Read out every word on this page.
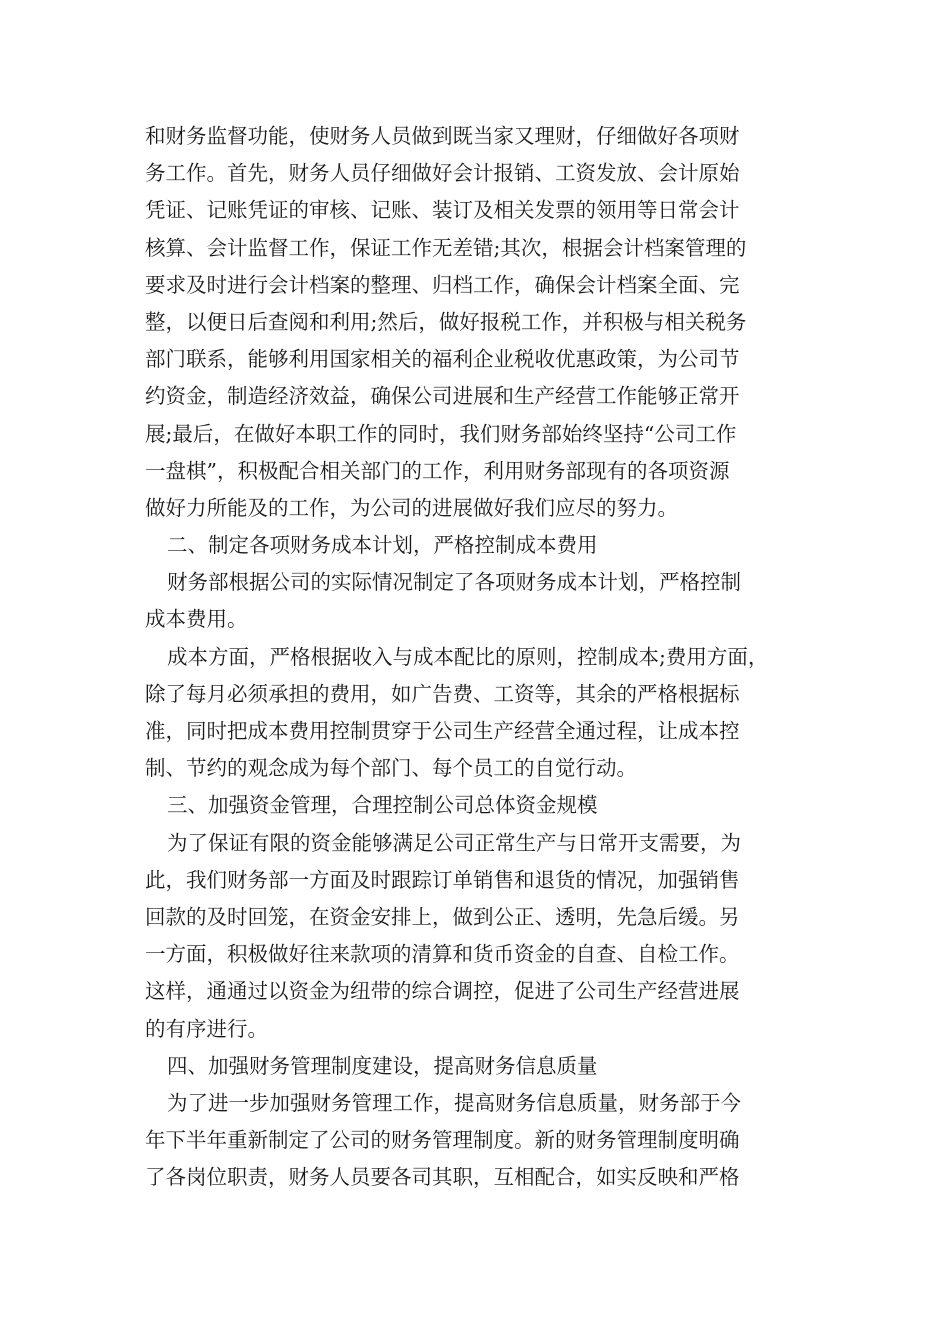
和财务监督功能，使财务人员做到既当家又理财，仔细做好各项财
务工作。首先，财务人员仔细做好会计报销、工资发放、会计原始
凭证、记账凭证的审核、记账、装订及相关发票的领用等日常会计
核算、会计监督工作，保证工作无差错;其次，根据会计档案管理的
要求及时进行会计档案的整理、归档工作，确保会计档案全面、完
整，以便日后查阅和利用;然后，做好报税工作，并积极与相关税务
部门联系，能够利用国家相关的福利企业税收优惠政策，为公司节
约资金，制造经济效益，确保公司进展和生产经营工作能够正常开
展;最后，在做好本职工作的同时，我们财务部始终坚持“公司工作
一盘棋”，积极配合相关部门的工作，利用财务部现有的各项资源
做好力所能及的工作，为公司的进展做好我们应尽的努力。
二、制定各项财务成本计划，严格控制成本费用
财务部根据公司的实际情况制定了各项财务成本计划，严格控制
成本费用。
成本方面，严格根据收入与成本配比的原则，控制成本;费用方面，
除了每月必须承担的费用，如广告费、工资等，其余的严格根据标
准，同时把成本费用控制贯穿于公司生产经营全通过程，让成本控
制、节约的观念成为每个部门、每个员工的自觉行动。
三、加强资金管理，合理控制公司总体资金规模
为了保证有限的资金能够满足公司正常生产与日常开支需要，为
此，我们财务部一方面及时跟踪订单销售和退货的情况，加强销售
回款的及时回笼，在资金安排上，做到公正、透明，先急后缓。另
一方面，积极做好往来款项的清算和货币资金的自查、自检工作。
这样，通通过以资金为纽带的综合调控，促进了公司生产经营进展
的有序进行。
四、加强财务管理制度建设，提高财务信息质量
为了进一步加强财务管理工作，提高财务信息质量，财务部于今
年下半年重新制定了公司的财务管理制度。新的财务管理制度明确
了各岗位职责，财务人员要各司其职，互相配合，如实反映和严格
